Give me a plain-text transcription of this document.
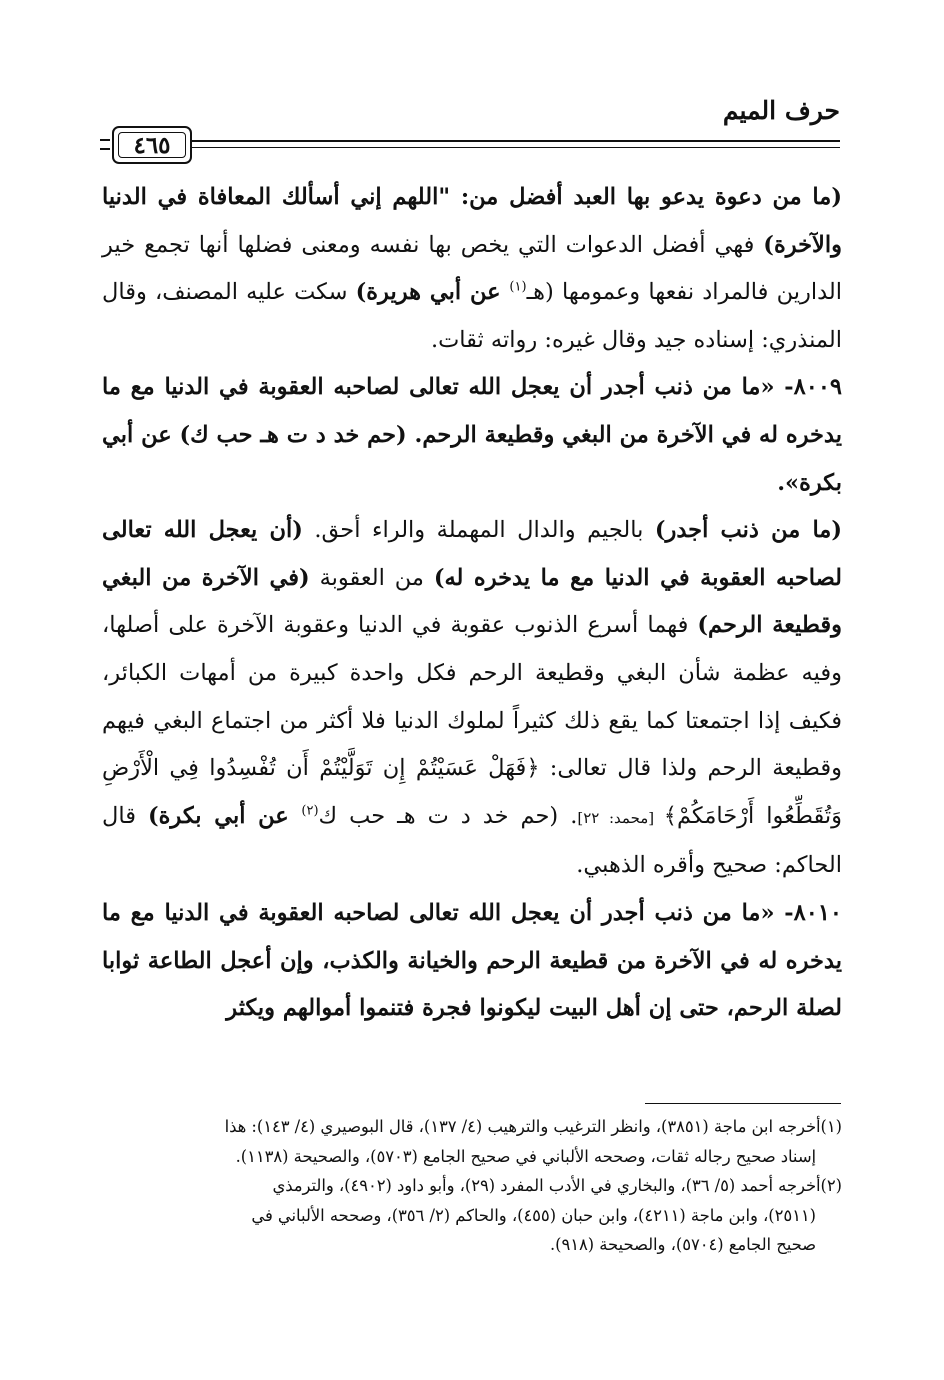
حرف الميم
٤٦٥

(ما من دعوة يدعو بها العبد أفضل من: "اللهم إني أسألك المعافاة في الدنيا والآخرة) فهي أفضل الدعوات التي يخص بها نفسه ومعنى فضلها أنها تجمع خير الدارين فالمراد نفعها وعمومها (هـ$^{(١)}$ عن أبي هريرة) سكت عليه المصنف، وقال المنذري: إسناده جيد وقال غيره: رواته ثقات.

٨٠٠٩- «ما من ذنب أجدر أن يعجل الله تعالى لصاحبه العقوبة في الدنيا مع ما يدخره له في الآخرة من البغي وقطيعة الرحم. (حم خد د ت هـ حب ك) عن أبي بكرة».

(ما من ذنب أجدر) بالجيم والدال المهملة والراء أحق. (أن يعجل الله تعالى لصاحبه العقوبة في الدنيا مع ما يدخره له) من العقوبة (في الآخرة من البغي وقطيعة الرحم) فهما أسرع الذنوب عقوبة في الدنيا وعقوبة الآخرة على أصلها، وفيه عظمة شأن البغي وقطيعة الرحم فكل واحدة كبيرة من أمهات الكبائر، فكيف إذا اجتمعتا كما يقع ذلك كثيراً لملوك الدنيا فلا أكثر من اجتماع البغي فيهم وقطيعة الرحم ولذا قال تعالى: ﴿فَهَلْ عَسَيْتُمْ إِن تَوَلَّيْتُمْ أَن تُفْسِدُوا فِي الْأَرْضِ وَتُقَطِّعُوا أَرْحَامَكُمْ﴾ [محمد: ٢٢]. (حم خد د ت هـ حب ك$^{(٢)}$ عن أبي بكرة) قال الحاكم: صحيح وأقره الذهبي.

٨٠١٠- «ما من ذنب أجدر أن يعجل الله تعالى لصاحبه العقوبة في الدنيا مع ما يدخره له في الآخرة من قطيعة الرحم والخيانة والكذب، وإن أعجل الطاعة ثوابا لصلة الرحم، حتى إن أهل البيت ليكونوا فجرة فتنموا أموالهم ويكثر

(١)أخرجه ابن ماجة (٣٨٥١)، وانظر الترغيب والترهيب (٤/ ١٣٧)، قال البوصيري (٤/ ١٤٣): هذا

إسناد صحيح رجاله ثقات، وصححه الألباني في صحيح الجامع (٥٧٠٣)، والصحيحة (١١٣٨).

(٢)أخرجه أحمد (٥/ ٣٦)، والبخاري في الأدب المفرد (٢٩)، وأبو داود (٤٩٠٢)، والترمذي

(٢٥١١)، وابن ماجة (٤٢١١)، وابن حبان (٤٥٥)، والحاكم (٢/ ٣٥٦)، وصححه الألباني في

صحيح الجامع (٥٧٠٤)، والصحيحة (٩١٨).
